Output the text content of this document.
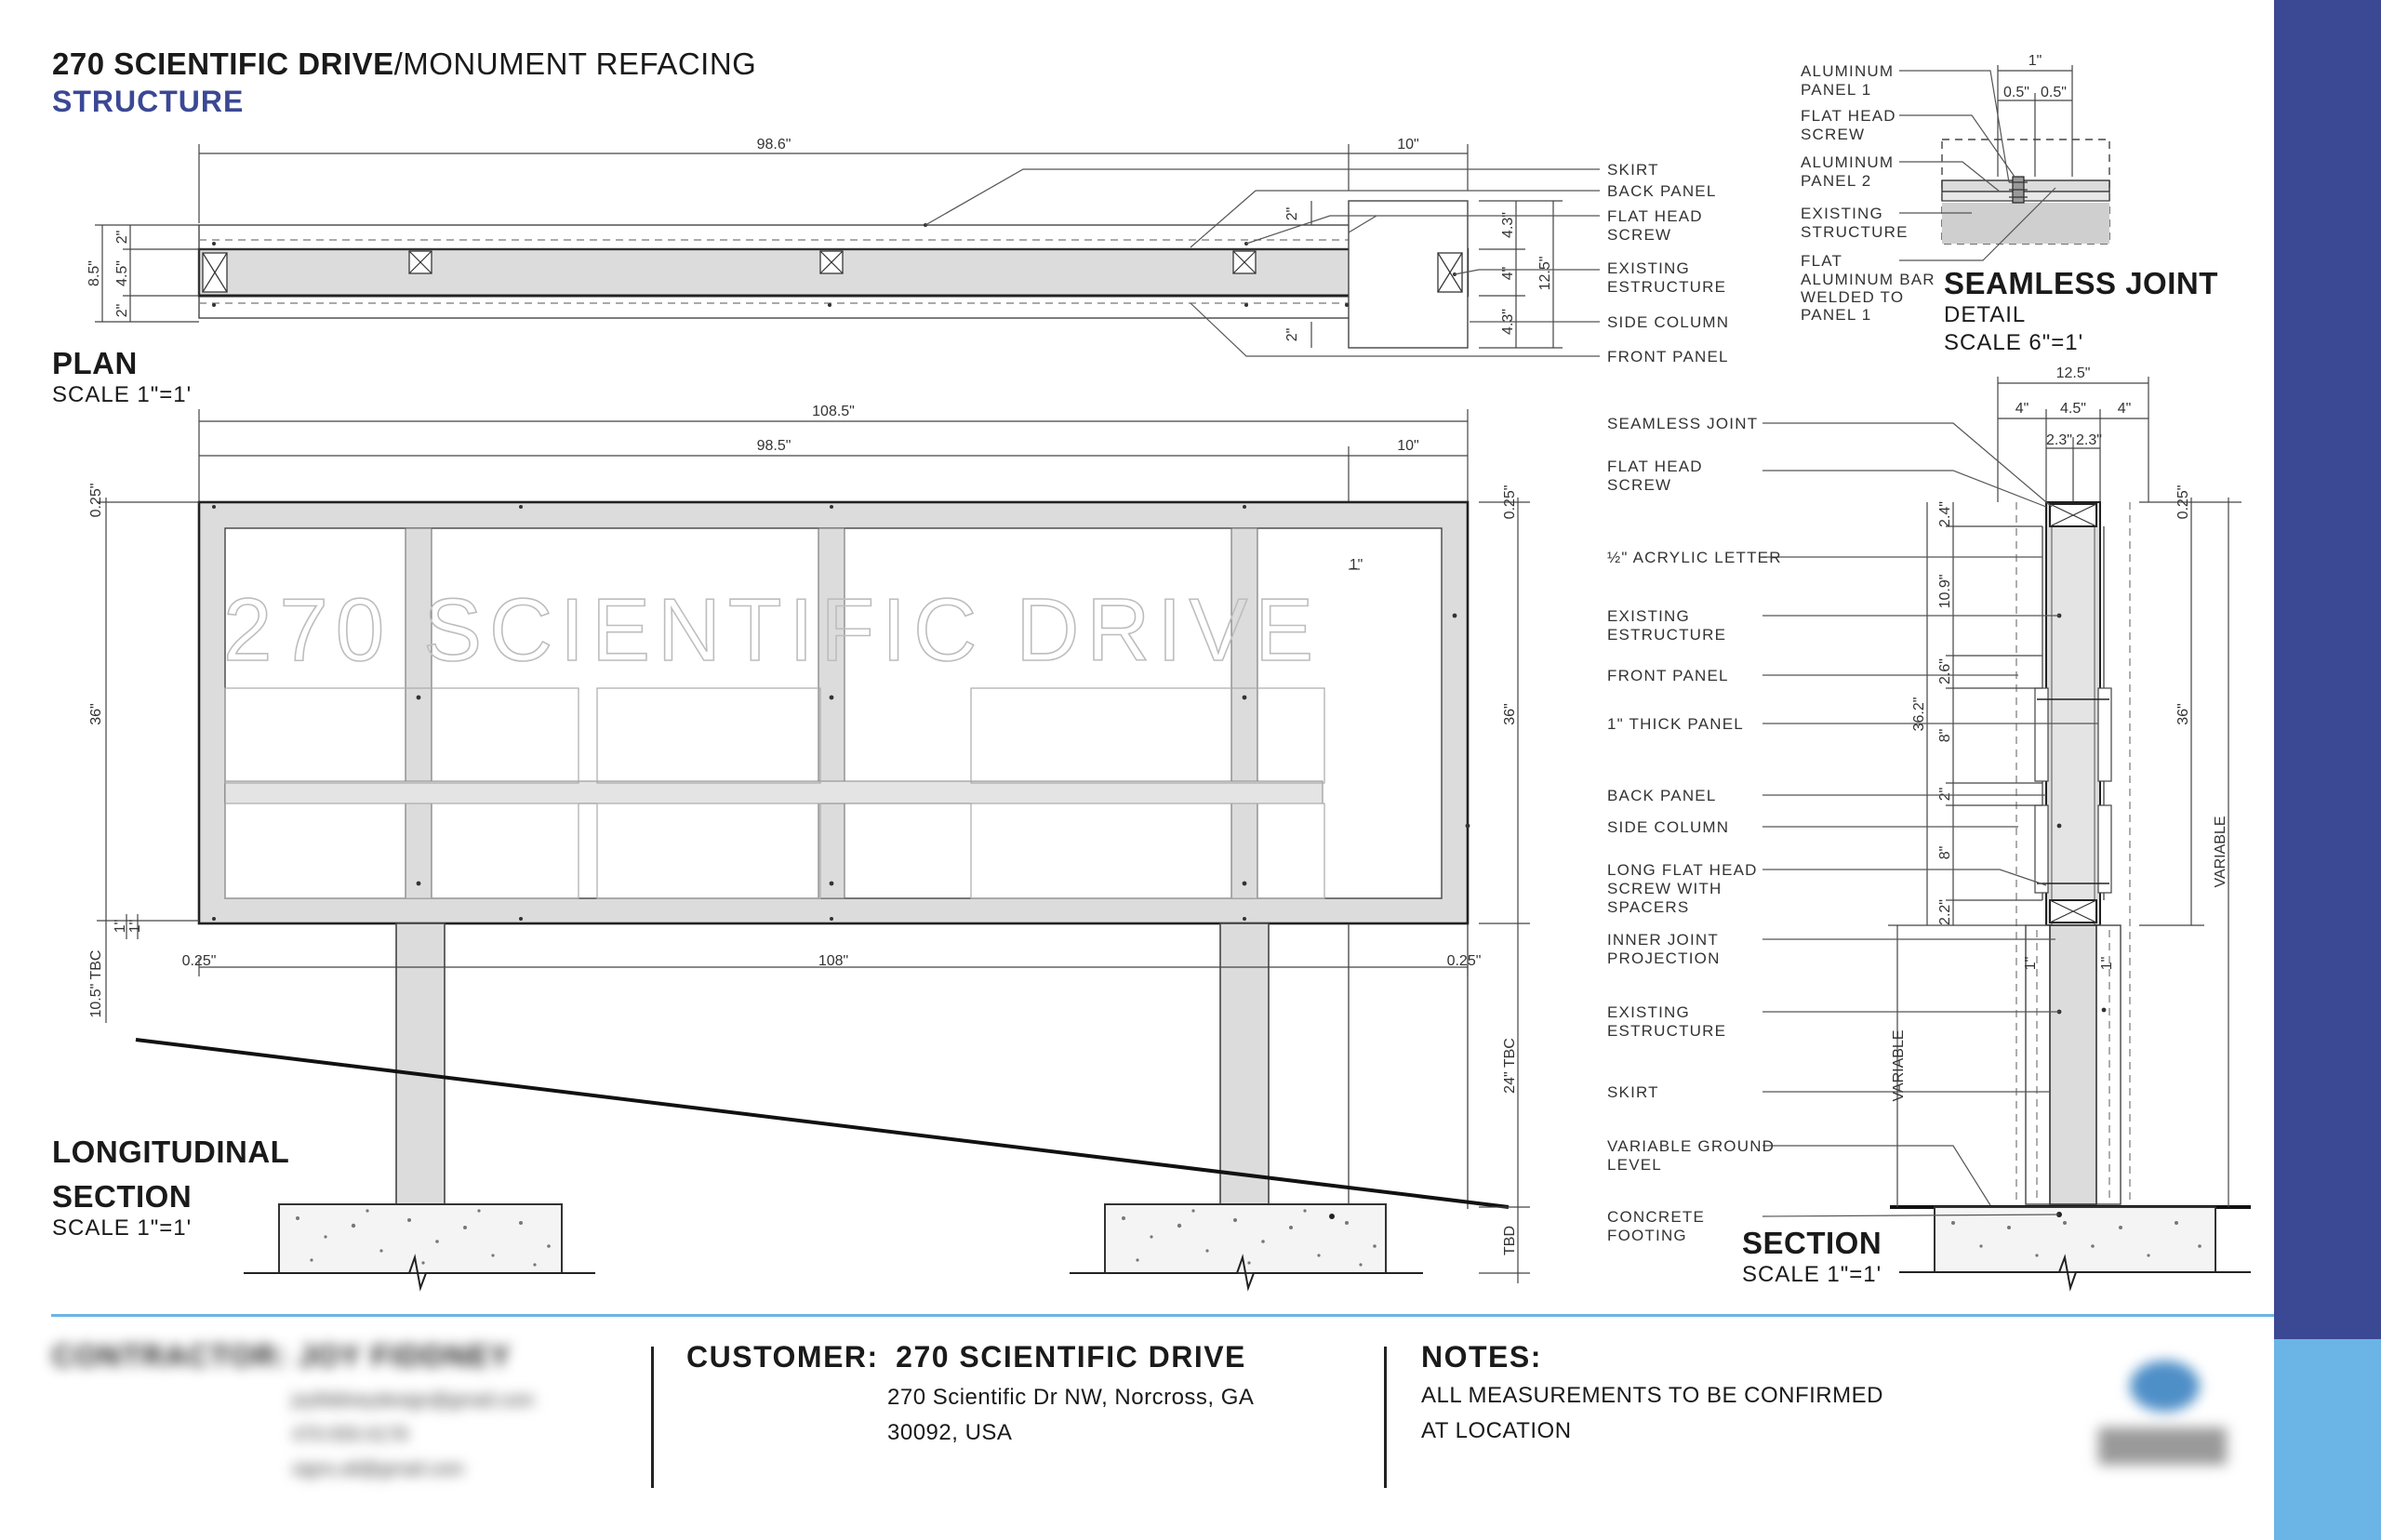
270 SCIENTIFIC DRIVE/MONUMENT REFACING
STRUCTURE
98.6"	10"
8.5"
2"
4.5"
2"
4.3"
4"
4.3"
12.5"
2"
2"
SKIRT
BACK PANEL
FLAT HEAD
SCREW
EXISTING
ESTRUCTURE
SIDE COLUMN
FRONT PANEL
PLAN
SCALE 1"=1'
1"
0.5" 0.5"
ALUMINUM
PANEL 1
FLAT HEAD
SCREW
ALUMINUM
PANEL 2
EXISTING
STRUCTURE
FLAT
ALUMINUM BAR
WELDED TO
PANEL 1
SEAMLESS JOINT
DETAIL
SCALE 6"=1'
108.5"
98.5"	10"
270 SCIENTIFIC DRIVE
1"
0.25"
36"
10.5" TBC
1" 1"
0.25"	108"	0.25"
0.25"
36"
24" TBC
TBD
LONGITUDINAL
SECTION
SCALE 1"=1'
12.5"
4" 4.5" 4"
2.3" 2.3"
2.4"
10.9"
2.6"
8"
2"
8"
2.2"
36.2"
VARIABLE
1"	1"
0.25"
36"
VARIABLE
SEAMLESS JOINT
FLAT HEAD
SCREW
½" ACRYLIC LETTER
EXISTING
ESTRUCTURE
FRONT PANEL
1" THICK PANEL
BACK PANEL
SIDE COLUMN
LONG FLAT HEAD
SCREW WITH
SPACERS
INNER JOINT
PROJECTION
EXISTING
ESTRUCTURE
SKIRT
VARIABLE GROUND
LEVEL
CONCRETE
FOOTING SECTION
SCALE 1"=1'
CONTRACTOR: JOY FIDDNEY
joyfiddneydesign@gmail.com
470-555-0178
signs.atl@gmail.com
CUSTOMER: 270 SCIENTIFIC DRIVE
270 Scientific Dr NW, Norcross, GA
30092, USA
NOTES:
ALL MEASUREMENTS TO BE CONFIRMED
AT LOCATION
